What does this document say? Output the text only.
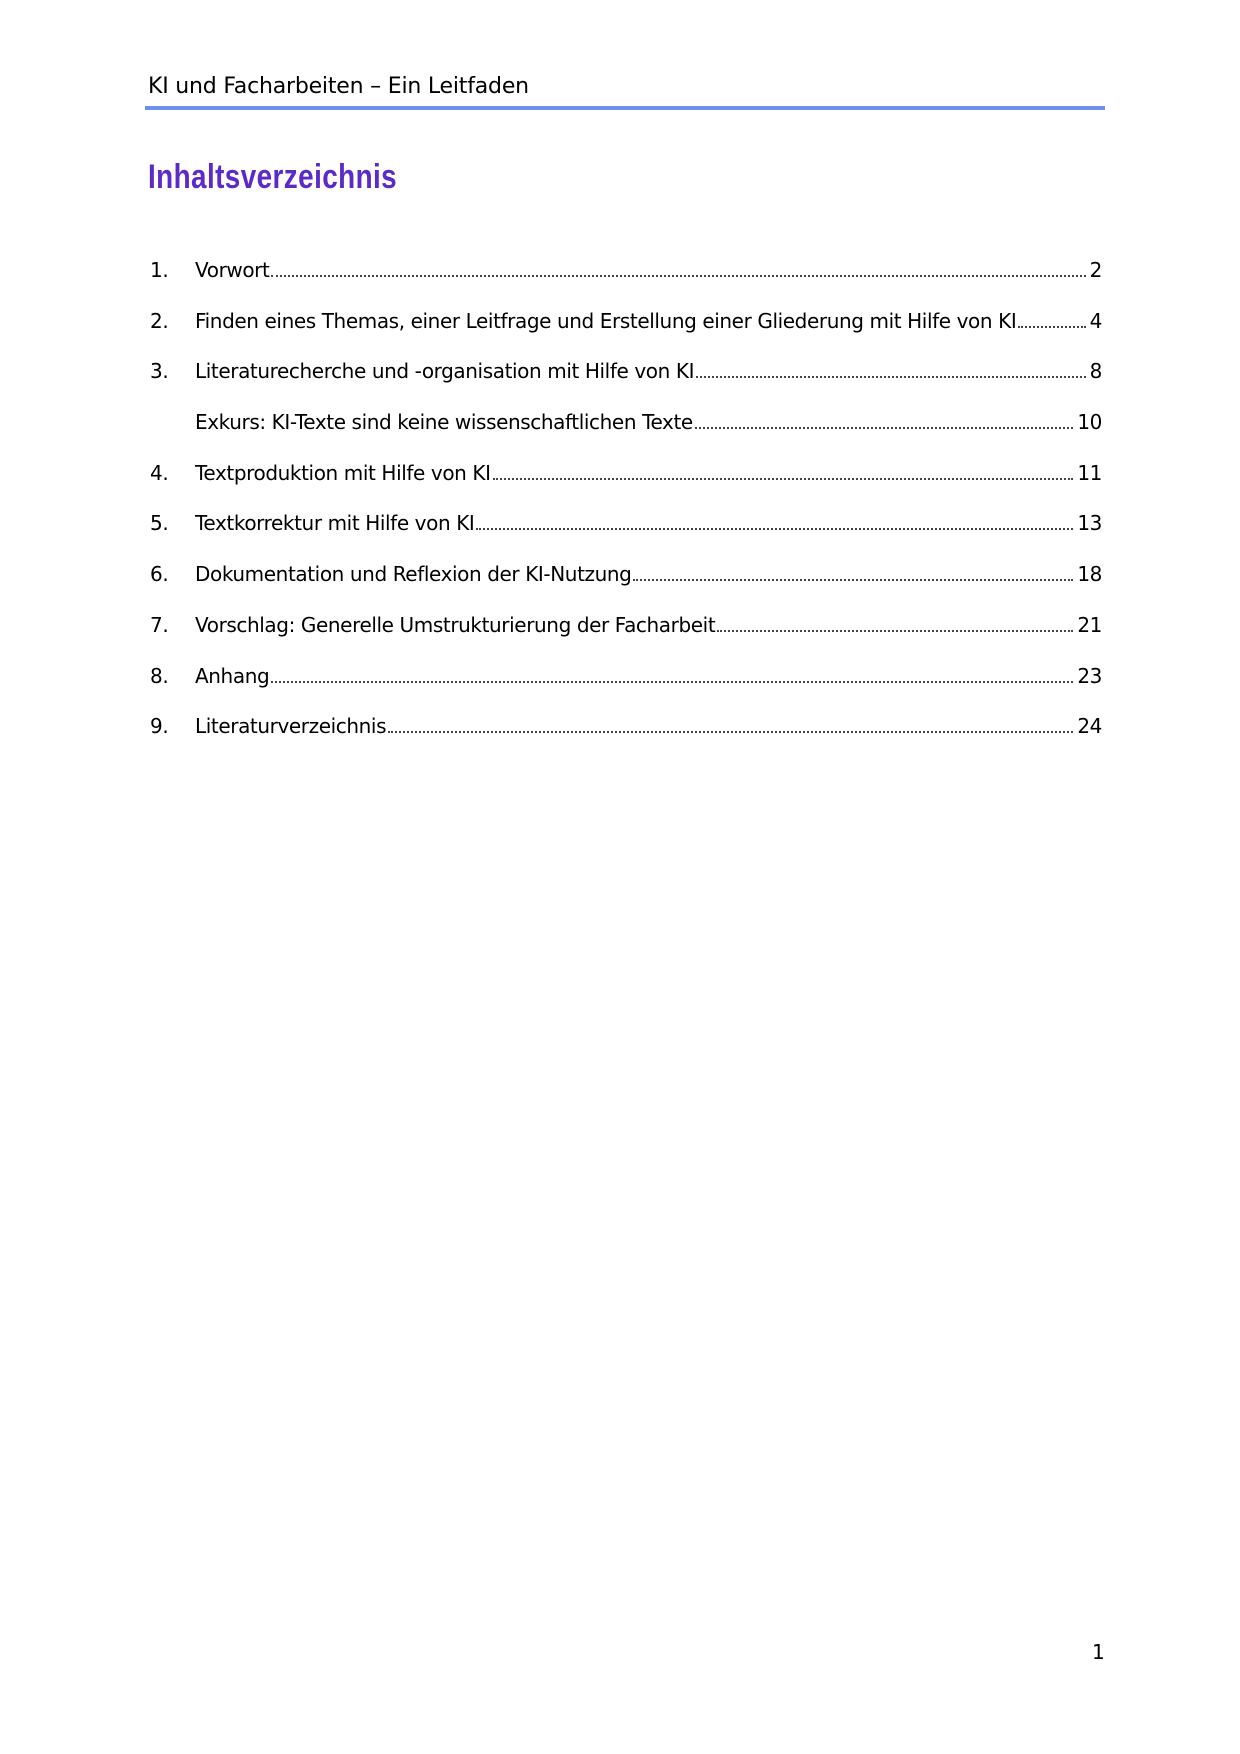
KI und Facharbeiten – Ein Leitfaden
Inhaltsverzeichnis
1.	Vorwort	2
2.	Finden eines Themas, einer Leitfrage und Erstellung einer Gliederung mit Hilfe von KI	4
3.	Literaturecherche und -organisation mit Hilfe von KI	8
Exkurs: KI-Texte sind keine wissenschaftlichen Texte	10
4.	Textproduktion mit Hilfe von KI	11
5.	Textkorrektur mit Hilfe von KI	13
6.	Dokumentation und Reflexion der KI-Nutzung	18
7.	Vorschlag: Generelle Umstrukturierung der Facharbeit	21
8.	Anhang	23
9.	Literaturverzeichnis	24
1
